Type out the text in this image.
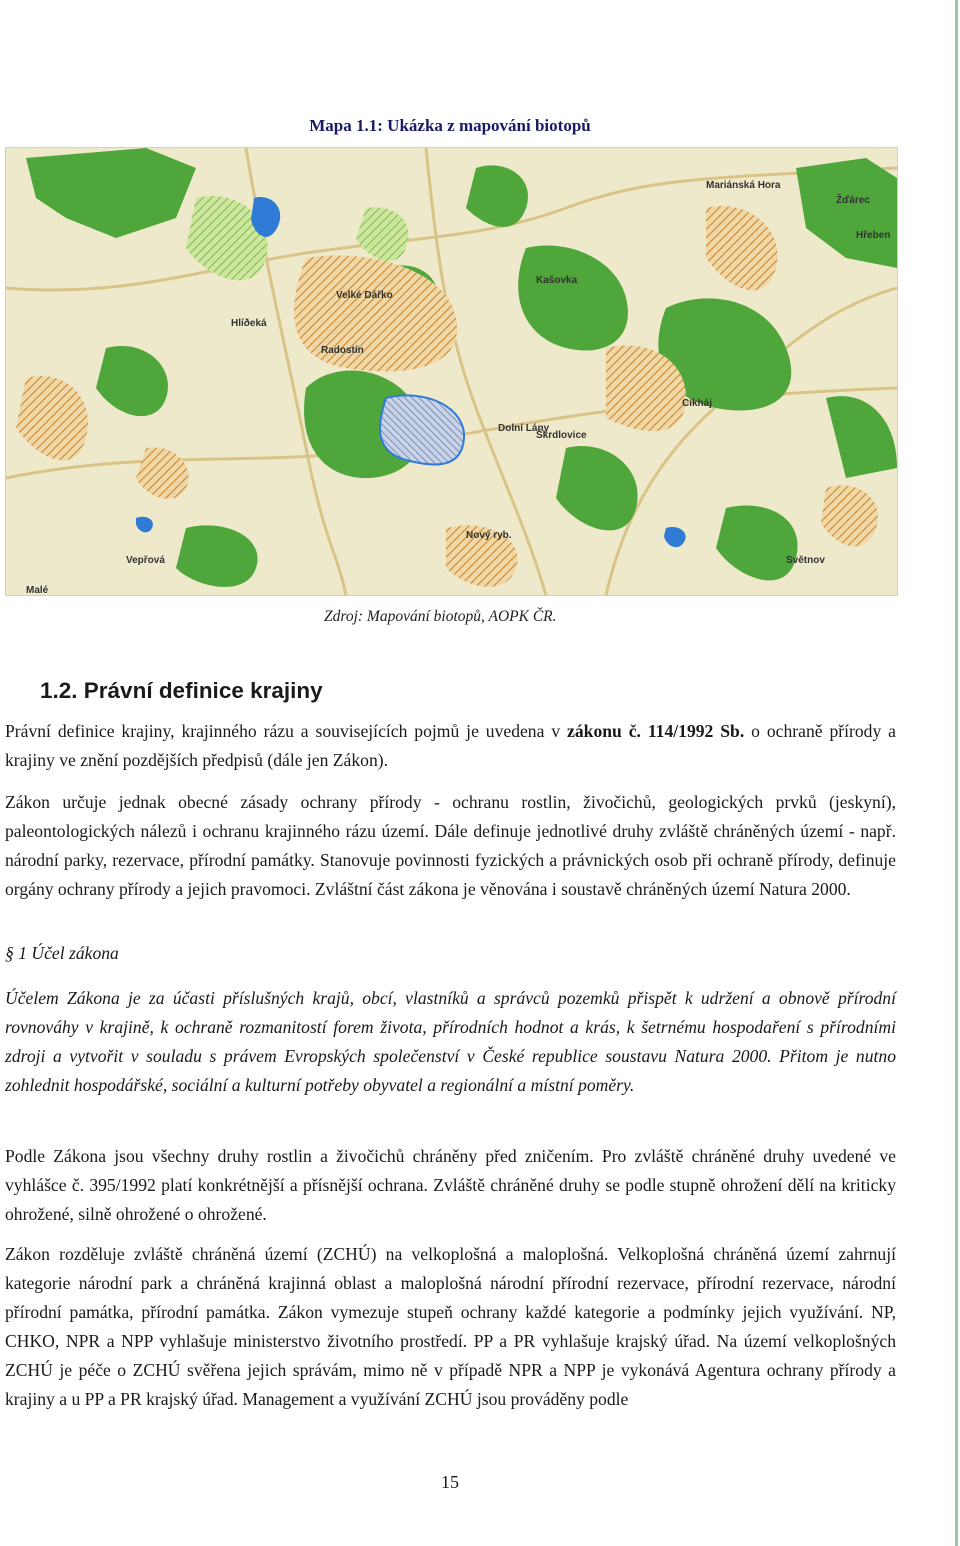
Mapa 1.1: Ukázka z mapování biotopů
Hlíðeká
Radostín
Dolní Lány
Škrdlovice
Cikháj
Světnov
Vepřová
Malé
Žďárec
Hřeben
Kašovka
Mariánská Hora
Velké Dářko
Nový ryb.
Zdroj: Mapování biotopů, AOPK ČR.
1.2. Právní definice krajiny

Právní definice krajiny, krajinného rázu a souvisejících pojmů je uvedena v zákonu č. 114/1992 Sb. o ochraně přírody a krajiny ve znění pozdějších předpisů (dále jen Zákon).

Zákon určuje jednak obecné zásady ochrany přírody - ochranu rostlin, živočichů, geologických prvků (jeskyní), paleontologických nálezů i ochranu krajinného rázu území. Dále definuje jednotlivé druhy zvláště chráněných území - např. národní parky, rezervace, přírodní památky. Stanovuje povinnosti fyzických a právnických osob při ochraně přírody, definuje orgány ochrany přírody a jejich pravomoci. Zvláštní část zákona je věnována i soustavě chráněných území Natura 2000.

§ 1 Účel zákona

Účelem Zákona je za účasti příslušných krajů, obcí, vlastníků a správců pozemků přispět k udržení a obnově přírodní rovnováhy v krajině, k ochraně rozmanitostí forem života, přírodních hodnot a krás, k šetrnému hospodaření s přírodními zdroji a vytvořit v souladu s právem Evropských společenství v České republice soustavu Natura 2000. Přitom je nutno zohlednit hospodářské, sociální a kulturní potřeby obyvatel a regionální a místní poměry.

Podle Zákona jsou všechny druhy rostlin a živočichů chráněny před zničením. Pro zvláště chráněné druhy uvedené ve vyhlášce č. 395/1992 platí konkrétnější a přísnější ochrana. Zvláště chráněné druhy se podle stupně ohrožení dělí na kriticky ohrožené, silně ohrožené o ohrožené.

Zákon rozděluje zvláště chráněná území (ZCHÚ) na velkoplošná a maloplošná. Velkoplošná chráněná území zahrnují kategorie národní park a chráněná krajinná oblast a maloplošná národní přírodní rezervace, přírodní rezervace, národní přírodní památka, přírodní památka. Zákon vymezuje stupeň ochrany každé kategorie a podmínky jejich využívání. NP, CHKO, NPR a NPP vyhlašuje ministerstvo životního prostředí. PP a PR vyhlašuje krajský úřad. Na území velkoplošných ZCHÚ je péče o ZCHÚ svěřena jejich správám, mimo ně v případě NPR a NPP je vykonává Agentura ochrany přírody a krajiny a u PP a PR krajský úřad. Management a využívání ZCHÚ jsou prováděny podle

15
